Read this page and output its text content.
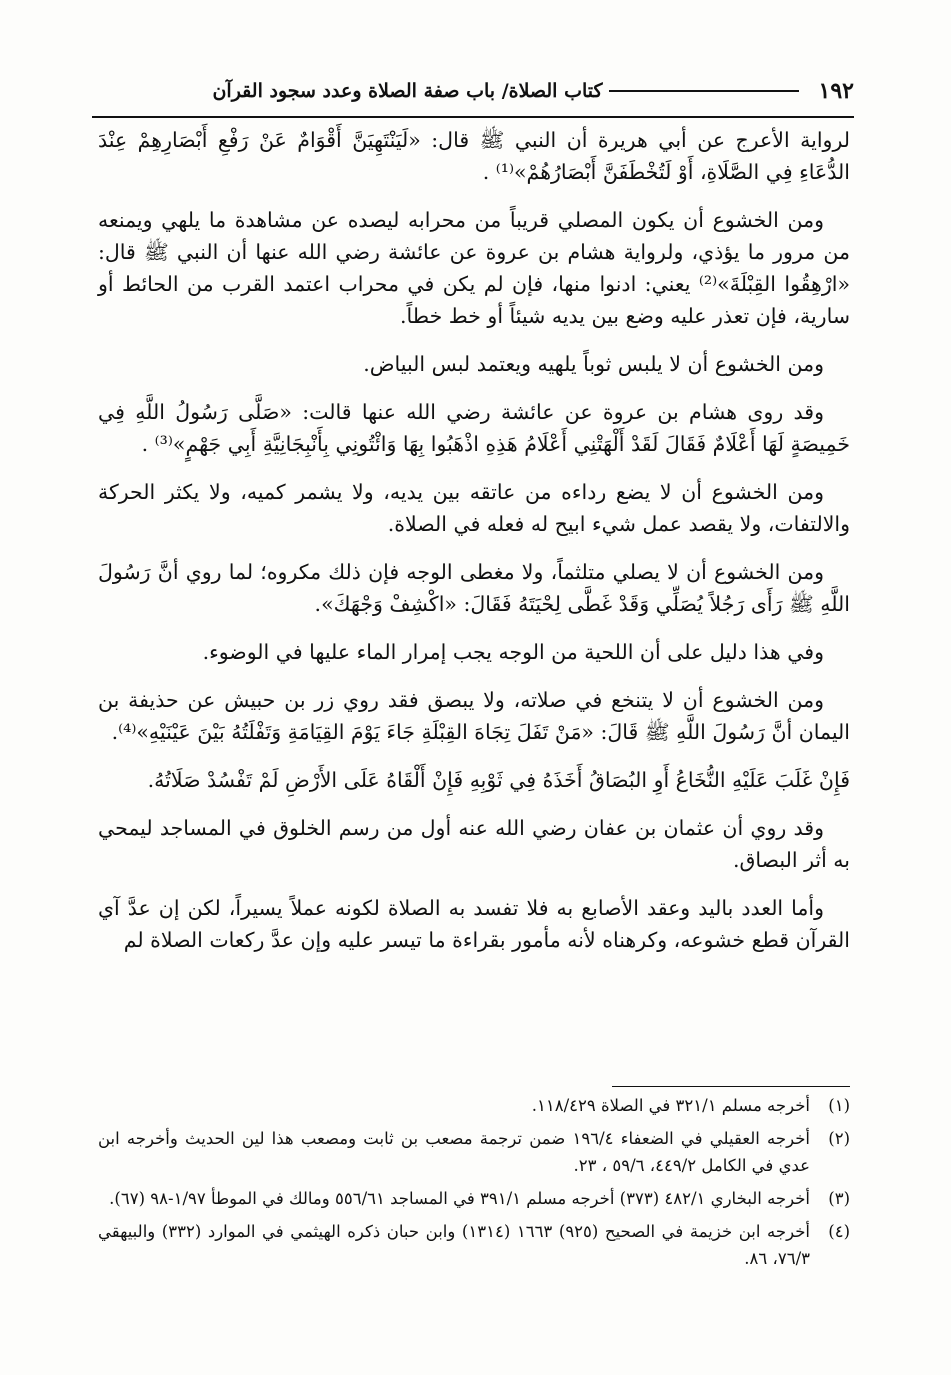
١٩٢
كتاب الصلاة/ باب صفة الصلاة وعدد سجود القرآن

لرواية الأعرج عن أبي هريرة أن النبي ﷺ قال: «لَيَنْتَهِيَنَّ أَقْوَامٌ عَنْ رَفْعِ أَبْصَارِهِمْ عِنْدَ الدُّعَاءِ فِي الصَّلَاةِ، أَوْ لَتُخْطَفَنَّ أَبْصَارُهُمْ»⁽¹⁾ .

ومن الخشوع أن يكون المصلي قريباً من محرابه ليصده عن مشاهدة ما يلهي ويمنعه من مرور ما يؤذي، ولرواية هشام بن عروة عن عائشة رضي الله عنها أن النبي ﷺ قال: «ارْهِقُوا القِبْلَةَ»⁽²⁾ يعني: ادنوا منها، فإن لم يكن في محراب اعتمد القرب من الحائط أو سارية، فإن تعذر عليه وضع بين يديه شيئاً أو خط خطاً.

ومن الخشوع أن لا يلبس ثوباً يلهيه ويعتمد لبس البياض.

وقد روى هشام بن عروة عن عائشة رضي الله عنها قالت: «صَلَّى رَسُولُ اللَّهِ فِي خَمِيصَةٍ لَهَا أَعْلَامٌ فَقَالَ لَقَدْ أَلْهَتْنِي أَعْلَامُ هَذِهِ اذْهَبُوا بِهَا وَائْتُونِي بِأَنْبِجَانِيَّةِ أَبِي جَهْمٍ»⁽³⁾ .

ومن الخشوع أن لا يضع رداءه من عاتقه بين يديه، ولا يشمر كميه، ولا يكثر الحركة والالتفات، ولا يقصد عمل شيء ابيح له فعله في الصلاة.

ومن الخشوع أن لا يصلي متلثماً، ولا مغطى الوجه فإن ذلك مكروه؛ لما روي أنَّ رَسُولَ اللَّهِ ﷺ رَأَى رَجُلاً يُصَلِّي وَقَدْ غَطَّى لِحْيَتَهُ فَقَالَ: «اكْشِفْ وَجْهَكَ».

وفي هذا دليل على أن اللحية من الوجه يجب إمرار الماء عليها في الوضوء.

ومن الخشوع أن لا يتنخع في صلاته، ولا يبصق فقد روي زر بن حبيش عن حذيفة بن اليمان أنَّ رَسُولَ اللَّهِ ﷺ قَالَ: «مَنْ تَفَلَ تِجَاهَ القِبْلَةِ جَاءَ يَوْمَ القِيَامَةِ وَتَفْلَتُهُ بَيْنَ عَيْنَيْهِ»⁽⁴⁾.

فَإِنْ غَلَبَ عَلَيْهِ النُّخَاعُ أَوِ البُصَاقُ أَخَذَهُ فِي ثَوْبِهِ فَإِنْ أَلْقَاهُ عَلَى الأَرْضِ لَمْ تَفْسُدْ صَلَاتُهُ.

وقد روي أن عثمان بن عفان رضي الله عنه أول من رسم الخلوق في المساجد ليمحي به أثر البصاق.

وأما العدد باليد وعقد الأصابع به فلا تفسد به الصلاة لكونه عملاً يسيراً، لكن إن عدَّ آي القرآن قطع خشوعه، وكرهناه لأنه مأمور بقراءة ما تيسر عليه وإن عدَّ ركعات الصلاة لم

(١)
أخرجه مسلم ٣٢١/١ في الصلاة ١١٨/٤٢٩.
(٢)
أخرجه العقيلي في الضعفاء ١٩٦/٤ ضمن ترجمة مصعب بن ثابت ومصعب هذا لين الحديث وأخرجه ابن عدي في الكامل ٤٤٩/٢، ٥٩/٦ ، ٢٣.
(٣)
أخرجه البخاري ٤٨٢/١ (٣٧٣) أخرجه مسلم ٣٩١/١ في المساجد ٥٥٦/٦١ ومالك في الموطأ ١/٩٧-٩٨ (٦٧).
(٤)
أخرجه ابن خزيمة في الصحيح (٩٢٥) ١٦٦٣ (١٣١٤) وابن حبان ذكره الهيثمي في الموارد (٣٣٢) والبيهقي ٧٦/٣، ٨٦.
